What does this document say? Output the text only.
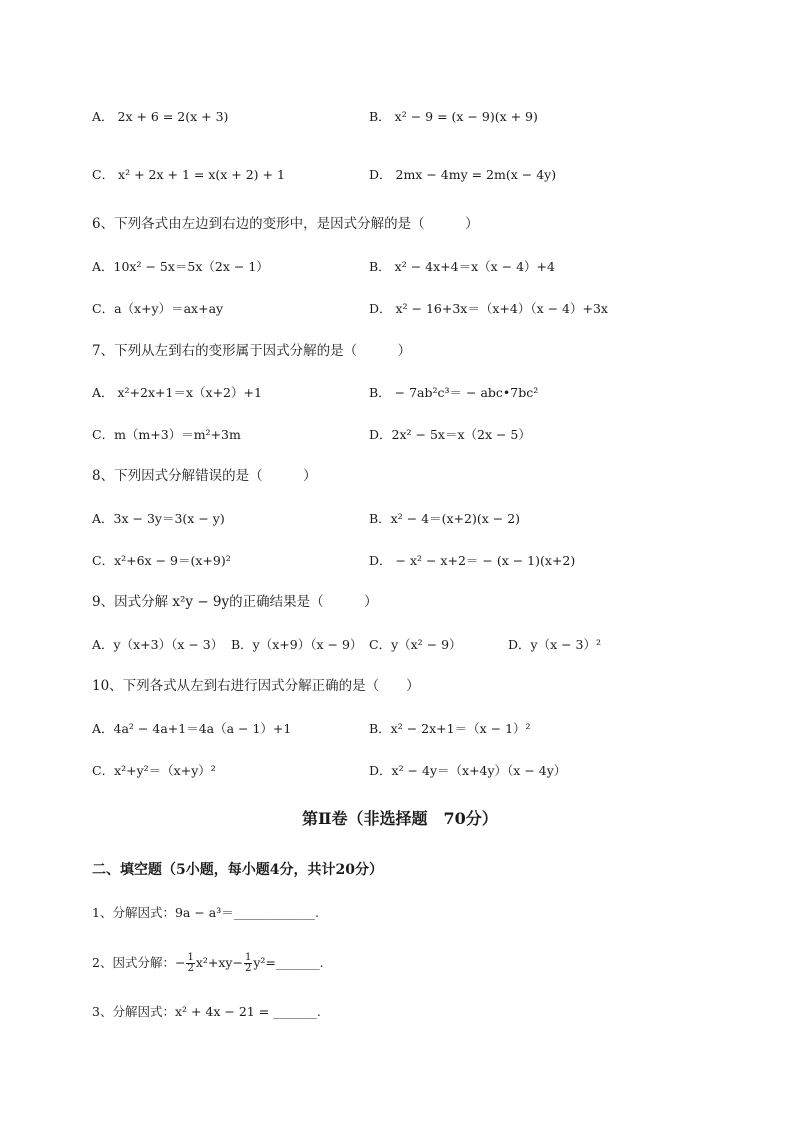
A． 2x + 6 = 2(x + 3)	B． x² − 9 = (x − 9)(x + 9)
C． x² + 2x + 1 = x(x + 2) + 1	D． 2mx − 4my = 2m(x − 4y)
6、下列各式由左边到右边的变形中，是因式分解的是（　　　）
A．10x² − 5x＝5x（2x − 1）	B． x² − 4x+4＝x（x − 4）+4
C．a（x+y）＝ax+ay	D． x² − 16+3x＝（x+4）（x − 4）+3x
7、下列从左到右的变形属于因式分解的是（　　　）
A． x²+2x+1＝x（x+2）+1	B． − 7ab²c³＝ − abc•7bc²
C．m（m+3）＝m²+3m	D．2x² − 5x＝x（2x − 5）
8、下列因式分解错误的是（　　　）
A．3x − 3y＝3(x − y)	B．x² − 4＝(x+2)(x − 2)
C．x²+6x − 9＝(x+9)²	D． − x² − x+2＝ − (x − 1)(x+2)
9、因式分解 x²y − 9y的正确结果是（　　　）
A．y（x+3）（x − 3） B．y（x+9）（x − 9） C．y（x² − 9）	D．y（x − 3）²
10、下列各式从左到右进行因式分解正确的是（　　）
A．4a² − 4a+1＝4a（a − 1）+1	B．x² − 2x+1＝（x − 1）²
C．x²+y²＝（x+y）²	D．x² − 4y＝（x+4y）（x − 4y）
第Ⅱ卷（非选择题　70分）
二、填空题（5小题，每小题4分，共计20分）
1、分解因式：9a − a³＝_____________.
2、因式分解：− $\frac{1}{2} x^2+xy- \frac{1}{2}$ y²=_______.
3、分解因式：x² + 4x − 21 = _______.
